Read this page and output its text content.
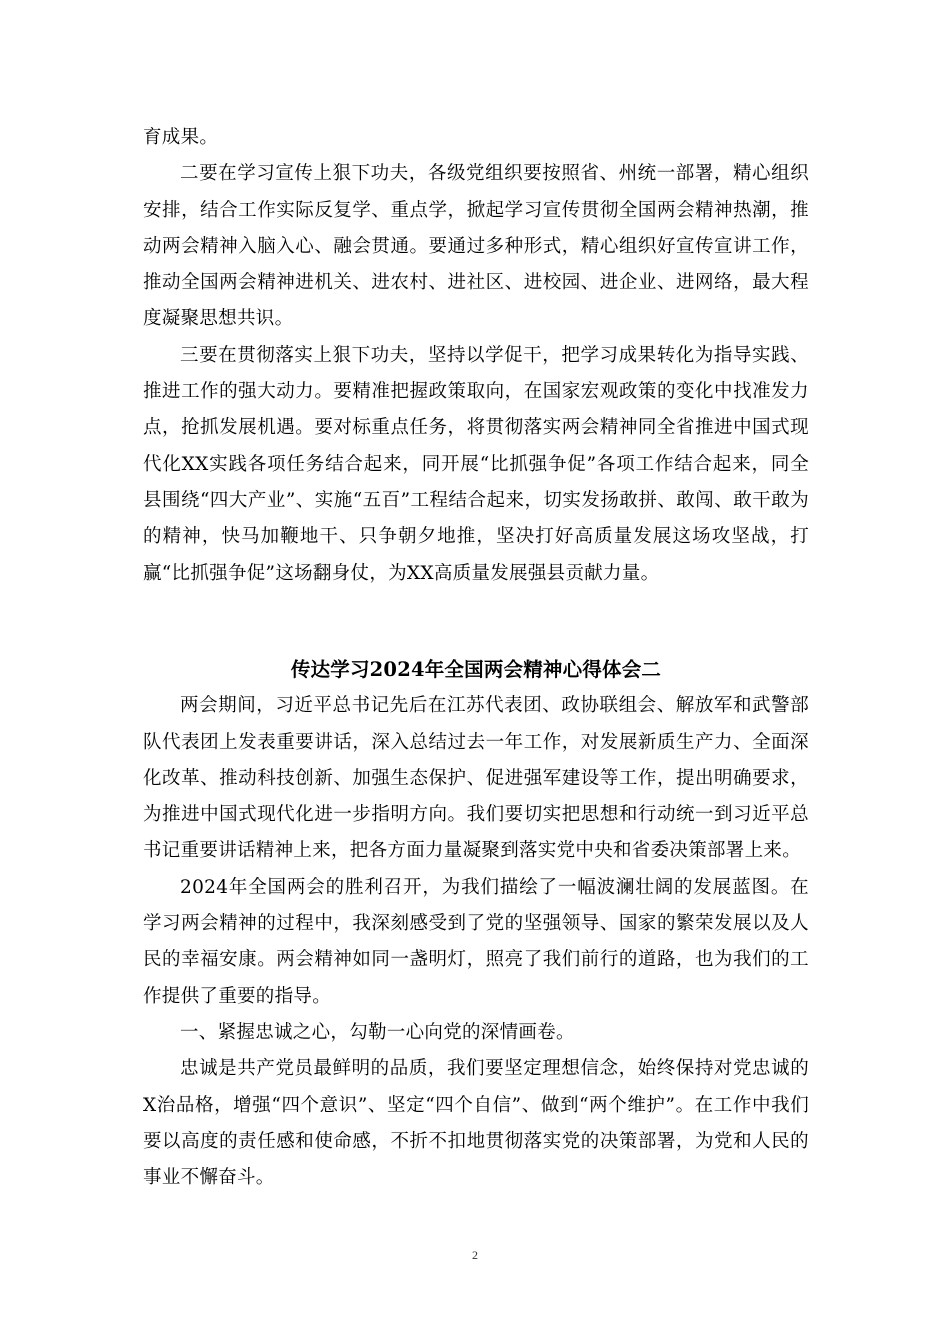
育成果。

二要在学习宣传上狠下功夫，各级党组织要按照省、州统一部署，精心组织安排，结合工作实际反复学、重点学，掀起学习宣传贯彻全国两会精神热潮，推动两会精神入脑入心、融会贯通。要通过多种形式，精心组织好宣传宣讲工作，推动全国两会精神进机关、进农村、进社区、进校园、进企业、进网络，最大程度凝聚思想共识。

三要在贯彻落实上狠下功夫，坚持以学促干，把学习成果转化为指导实践、推进工作的强大动力。要精准把握政策取向，在国家宏观政策的变化中找准发力点，抢抓发展机遇。要对标重点任务，将贯彻落实两会精神同全省推进中国式现代化XX实践各项任务结合起来，同开展“比抓强争促”各项工作结合起来，同全县围绕“四大产业”、实施“五百”工程结合起来，切实发扬敢拼、敢闯、敢干敢为的精神，快马加鞭地干、只争朝夕地推，坚决打好高质量发展这场攻坚战，打赢“比抓强争促”这场翻身仗，为XX高质量发展强县贡献力量。

传达学习2024年全国两会精神心得体会二

两会期间，习近平总书记先后在江苏代表团、政协联组会、解放军和武警部队代表团上发表重要讲话，深入总结过去一年工作，对发展新质生产力、全面深化改革、推动科技创新、加强生态保护、促进强军建设等工作，提出明确要求，为推进中国式现代化进一步指明方向。我们要切实把思想和行动统一到习近平总书记重要讲话精神上来，把各方面力量凝聚到落实党中央和省委决策部署上来。

2024年全国两会的胜利召开，为我们描绘了一幅波澜壮阔的发展蓝图。在学习两会精神的过程中，我深刻感受到了党的坚强领导、国家的繁荣发展以及人民的幸福安康。两会精神如同一盏明灯，照亮了我们前行的道路，也为我们的工作提供了重要的指导。

一、紧握忠诚之心，勾勒一心向党的深情画卷。

忠诚是共产党员最鲜明的品质，我们要坚定理想信念，始终保持对党忠诚的X治品格，增强“四个意识”、坚定“四个自信”、做到“两个维护”。在工作中我们要以高度的责任感和使命感，不折不扣地贯彻落实党的决策部署，为党和人民的事业不懈奋斗。

2
